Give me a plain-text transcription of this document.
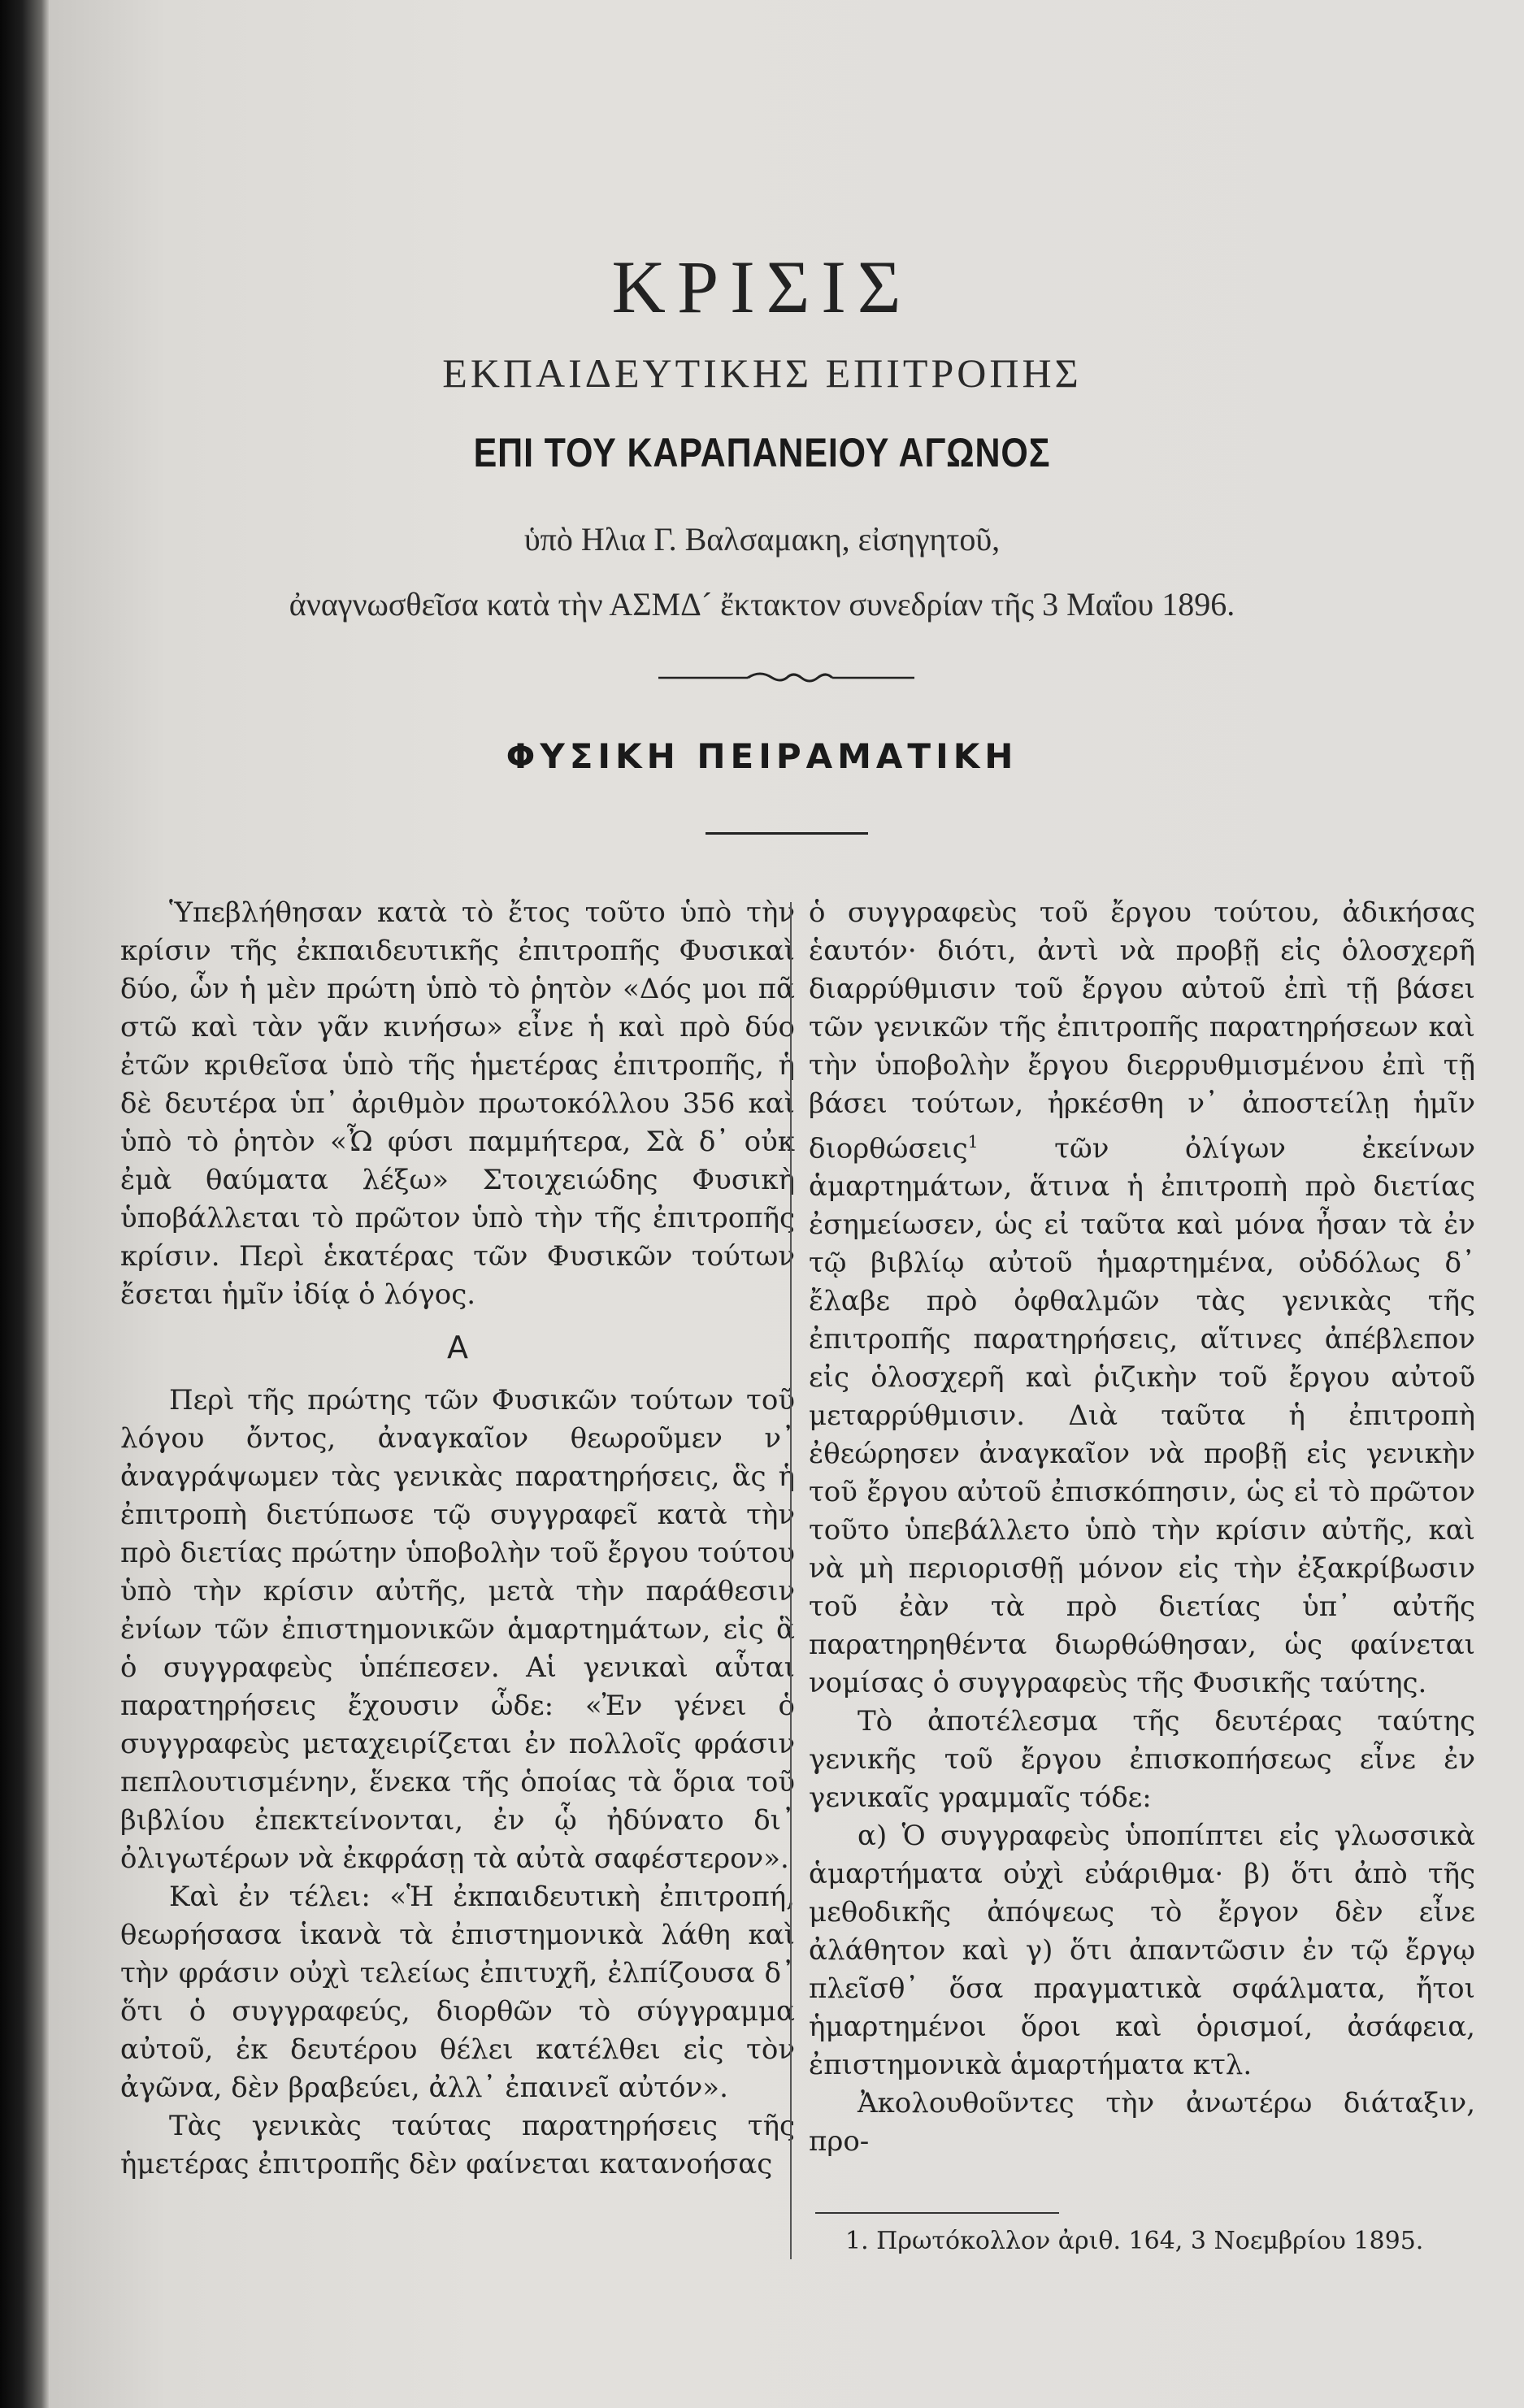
ΚΡΙΣΙΣ
ΕΚΠΑΙΔΕΥΤΙΚΗΣ ΕΠΙΤΡΟΠΗΣ
ΕΠΙ ΤΟΥ ΚΑΡΑΠΑΝΕΙΟΥ ΑΓΩΝΟΣ
ὑπὸ Ηλια Γ. Βαλσαμακη, εἰσηγητοῦ,
ἀναγνωσθεῖσα κατὰ τὴν ΑΣΜΔ´ ἔκτακτον συνεδρίαν τῆς 3 Μαΐου 1896.
ΦΥΣΙΚΗ ΠΕΙΡΑΜΑΤΙΚΗ

Ὑπεβλήθησαν κατὰ τὸ ἔτος τοῦτο ὑπὸ τὴν κρίσιν τῆς ἐκπαιδευτικῆς ἐπιτροπῆς Φυσικαὶ δύο, ὧν ἡ μὲν πρώτη ὑπὸ τὸ ῥητὸν «Δός μοι πᾶ στῶ καὶ τὰν γᾶν κινήσω» εἶνε ἡ καὶ πρὸ δύο ἐτῶν κριθεῖσα ὑπὸ τῆς ἡμετέρας ἐπιτροπῆς, ἡ δὲ δευτέρα ὑπ᾿ ἀριθμὸν πρωτοκόλλου 356 καὶ ὑπὸ τὸ ῥητὸν «Ὦ φύσι παμμήτερα, Σὰ δ᾿ οὐκ ἐμὰ θαύματα λέξω» Στοιχειώδης Φυσικὴ ὑποβάλλεται τὸ πρῶτον ὑπὸ τὴν τῆς ἐπιτροπῆς κρίσιν. Περὶ ἑκατέρας τῶν Φυσικῶν τούτων ἔσεται ἡμῖν ἰδίᾳ ὁ λόγος.

Α

Περὶ τῆς πρώτης τῶν Φυσικῶν τούτων τοῦ λόγου ὄντος, ἀναγκαῖον θεωροῦμεν ν᾿ ἀναγράψωμεν τὰς γενικὰς παρατηρήσεις, ἃς ἡ ἐπιτροπὴ διετύπωσε τῷ συγγραφεῖ κατὰ τὴν πρὸ διετίας πρώτην ὑποβολὴν τοῦ ἔργου τούτου ὑπὸ τὴν κρίσιν αὐτῆς, μετὰ τὴν παράθεσιν ἐνίων τῶν ἐπιστημονικῶν ἁμαρτημάτων, εἰς ἃ ὁ συγγραφεὺς ὑπέπεσεν. Αἱ γενικαὶ αὗται παρατηρήσεις ἔχουσιν ὧδε: «Ἐν γένει ὁ συγγραφεὺς μεταχειρίζεται ἐν πολλοῖς φράσιν πεπλουτισμένην, ἕνεκα τῆς ὁποίας τὰ ὅρια τοῦ βιβλίου ἐπεκτείνονται, ἐν ᾧ ἠδύνατο δι᾿ ὀλιγωτέρων νὰ ἐκφράσῃ τὰ αὐτὰ σαφέστερον».

Καὶ ἐν τέλει: «Ἡ ἐκπαιδευτικὴ ἐπιτροπή, θεωρήσασα ἱκανὰ τὰ ἐπιστημονικὰ λάθη καὶ τὴν φράσιν οὐχὶ τελείως ἐπιτυχῆ, ἐλπίζουσα δ᾿ ὅτι ὁ συγγραφεύς, διορθῶν τὸ σύγγραμμα αὐτοῦ, ἐκ δευτέρου θέλει κατέλθει εἰς τὸν ἀγῶνα, δὲν βραβεύει, ἀλλ᾿ ἐπαινεῖ αὐτόν».

Τὰς γενικὰς ταύτας παρατηρήσεις τῆς ἡμετέρας ἐπιτροπῆς δὲν φαίνεται κατανοήσας

ὁ συγγραφεὺς τοῦ ἔργου τούτου, ἀδικήσας ἑαυτόν· διότι, ἀντὶ νὰ προβῇ εἰς ὁλοσχερῆ διαρρύθμισιν τοῦ ἔργου αὐτοῦ ἐπὶ τῇ βάσει τῶν γενικῶν τῆς ἐπιτροπῆς παρατηρήσεων καὶ τὴν ὑποβολὴν ἔργου διερρυθμισμένου ἐπὶ τῇ βάσει τούτων, ἠρκέσθη ν᾿ ἀποστείλῃ ἡμῖν διορθώσεις$^1$ τῶν ὀλίγων ἐκείνων ἁμαρτημάτων, ἅτινα ἡ ἐπιτροπὴ πρὸ διετίας ἐσημείωσεν, ὡς εἰ ταῦτα καὶ μόνα ἦσαν τὰ ἐν τῷ βιβλίῳ αὐτοῦ ἡμαρτημένα, οὐδόλως δ᾿ ἔλαβε πρὸ ὀφθαλμῶν τὰς γενικὰς τῆς ἐπιτροπῆς παρατηρήσεις, αἵτινες ἀπέβλεπον εἰς ὁλοσχερῆ καὶ ῥιζικὴν τοῦ ἔργου αὐτοῦ μεταρρύθμισιν. Διὰ ταῦτα ἡ ἐπιτροπὴ ἐθεώρησεν ἀναγκαῖον νὰ προβῇ εἰς γενικὴν τοῦ ἔργου αὐτοῦ ἐπισκόπησιν, ὡς εἰ τὸ πρῶτον τοῦτο ὑπεβάλλετο ὑπὸ τὴν κρίσιν αὐτῆς, καὶ νὰ μὴ περιορισθῇ μόνον εἰς τὴν ἐξακρίβωσιν τοῦ ἐὰν τὰ πρὸ διετίας ὑπ᾿ αὐτῆς παρατηρηθέντα διωρθώθησαν, ὡς φαίνεται νομίσας ὁ συγγραφεὺς τῆς Φυσικῆς ταύτης.

Τὸ ἀποτέλεσμα τῆς δευτέρας ταύτης γενικῆς τοῦ ἔργου ἐπισκοπήσεως εἶνε ἐν γενικαῖς γραμμαῖς τόδε:

α) Ὁ συγγραφεὺς ὑποπίπτει εἰς γλωσσικὰ ἁμαρτήματα οὐχὶ εὐάριθμα· β) ὅτι ἀπὸ τῆς μεθοδικῆς ἀπόψεως τὸ ἔργον δὲν εἶνε ἀλάθητον καὶ γ) ὅτι ἀπαντῶσιν ἐν τῷ ἔργῳ πλεῖσθ᾿ ὅσα πραγματικὰ σφάλματα, ἤτοι ἡμαρτημένοι ὅροι καὶ ὁρισμοί, ἀσάφεια, ἐπιστημονικὰ ἁμαρτήματα κτλ.

Ἀκολουθοῦντες τὴν ἀνωτέρω διάταξιν, προ-

1. Πρωτόκολλον ἀριθ. 164, 3 Νοεμβρίου 1895.
